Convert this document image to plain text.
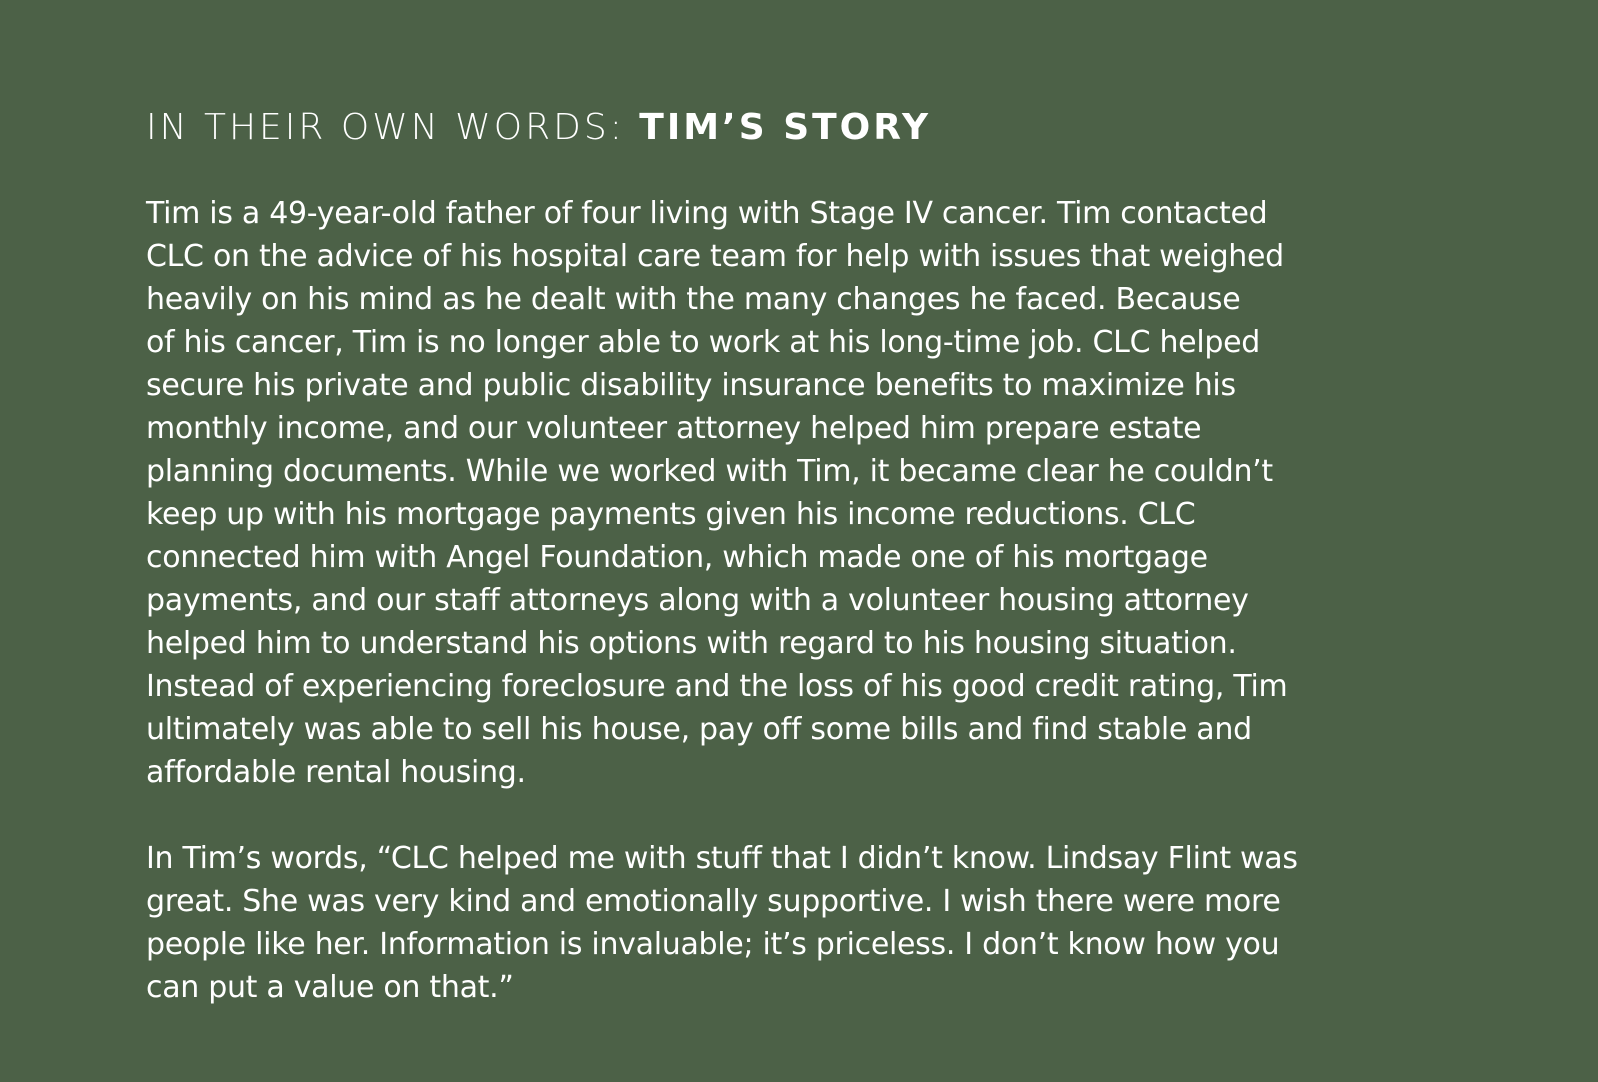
IN THEIR OWN WORDS: TIM’S STORY
Tim is a 49-year-old father of four living with Stage IV cancer. Tim contacted
CLC on the advice of his hospital care team for help with issues that weighed
heavily on his mind as he dealt with the many changes he faced. Because
of his cancer, Tim is no longer able to work at his long-time job. CLC helped
secure his private and public disability insurance benefits to maximize his
monthly income, and our volunteer attorney helped him prepare estate
planning documents. While we worked with Tim, it became clear he couldn’t
keep up with his mortgage payments given his income reductions. CLC
connected him with Angel Foundation, which made one of his mortgage
payments, and our staff attorneys along with a volunteer housing attorney
helped him to understand his options with regard to his housing situation.
Instead of experiencing foreclosure and the loss of his good credit rating, Tim
ultimately was able to sell his house, pay off some bills and find stable and
affordable rental housing.
In Tim’s words, “CLC helped me with stuff that I didn’t know. Lindsay Flint was
great. She was very kind and emotionally supportive. I wish there were more
people like her. Information is invaluable; it’s priceless. I don’t know how you
can put a value on that.”
